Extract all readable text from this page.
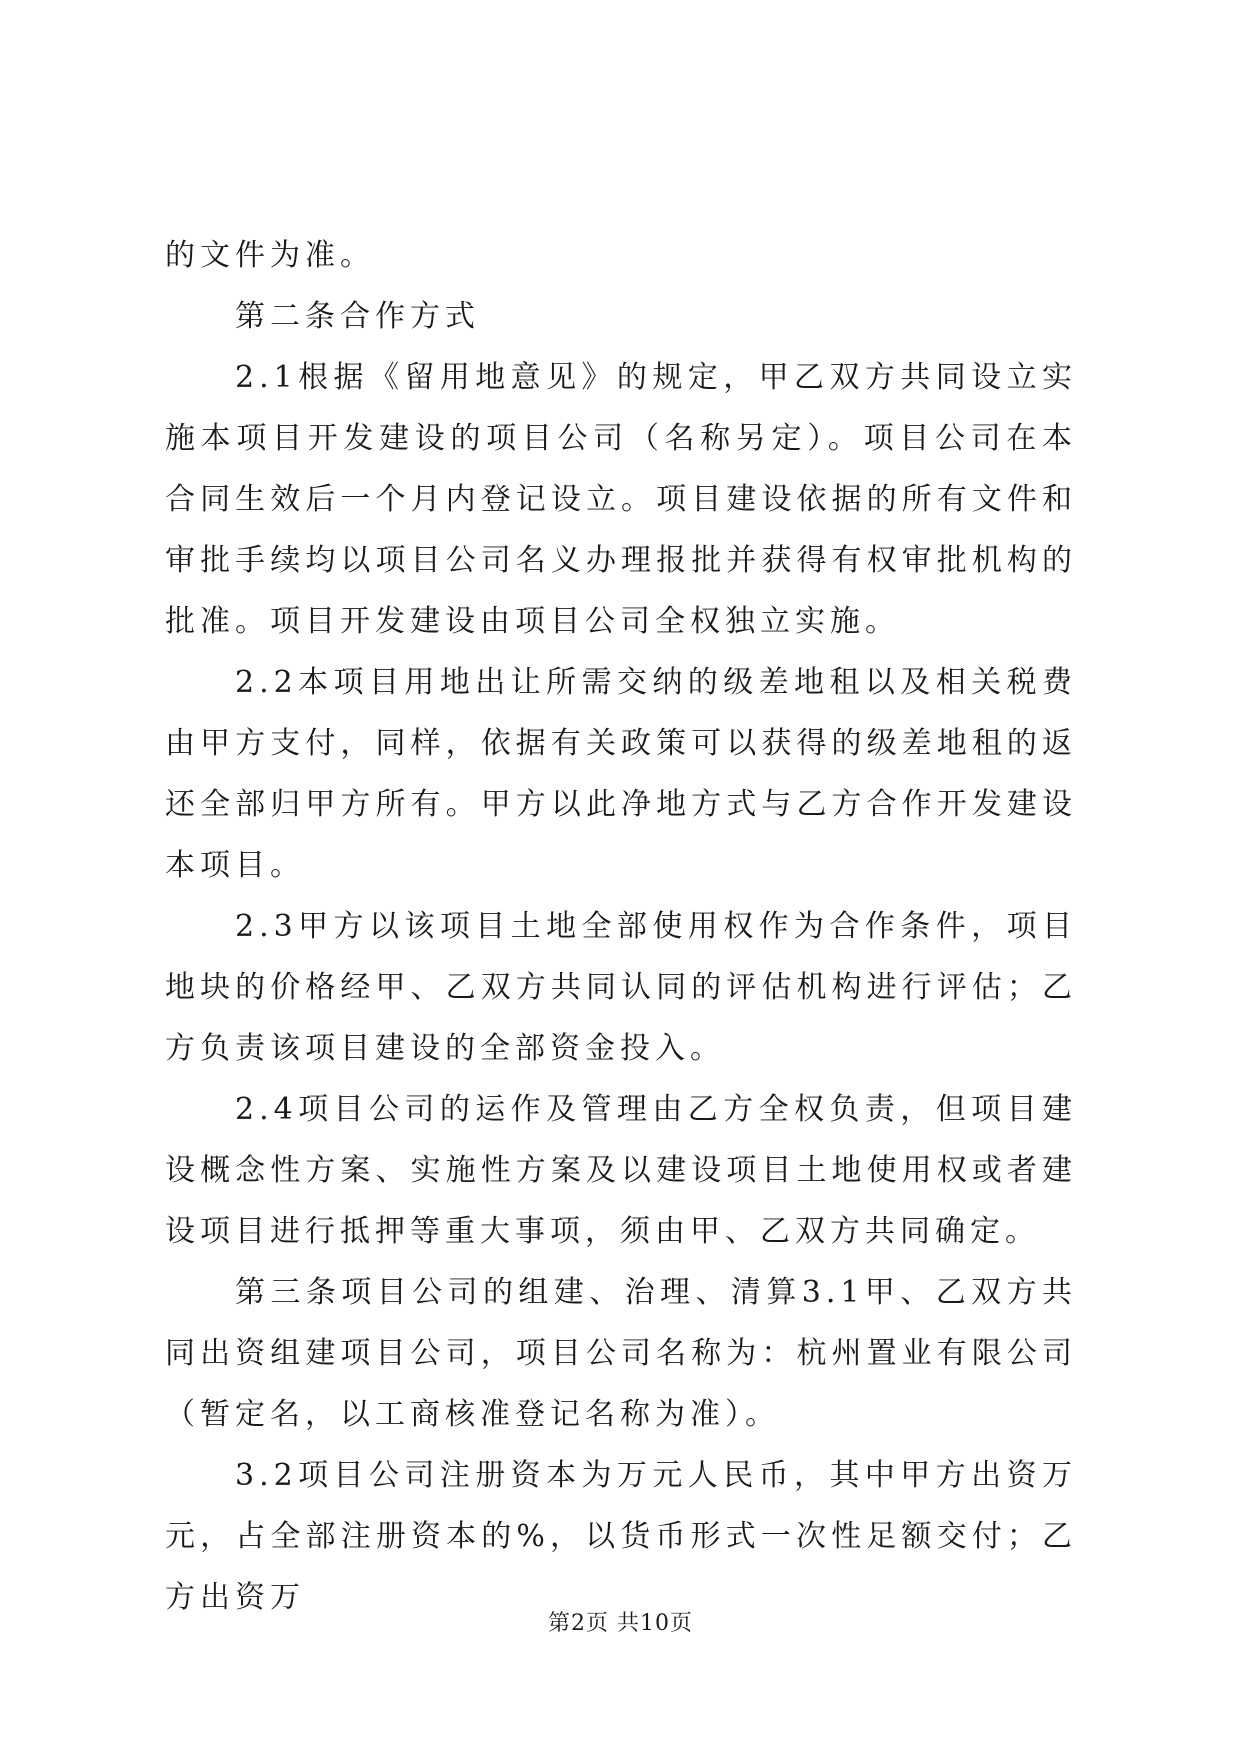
的文件为准。

第二条合作方式

2.1根据《留用地意见》的规定，甲乙双方共同设立实施本项目开发建设的项目公司（名称另定）。项目公司在本合同生效后一个月内登记设立。项目建设依据的所有文件和审批手续均以项目公司名义办理报批并获得有权审批机构的批准。项目开发建设由项目公司全权独立实施。

2.2本项目用地出让所需交纳的级差地租以及相关税费由甲方支付，同样，依据有关政策可以获得的级差地租的返还全部归甲方所有。甲方以此净地方式与乙方合作开发建设本项目。

2.3甲方以该项目土地全部使用权作为合作条件，项目地块的价格经甲、乙双方共同认同的评估机构进行评估；乙方负责该项目建设的全部资金投入。

2.4项目公司的运作及管理由乙方全权负责，但项目建设概念性方案、实施性方案及以建设项目土地使用权或者建设项目进行抵押等重大事项，须由甲、乙双方共同确定。

第三条项目公司的组建、治理、清算3.1甲、乙双方共同出资组建项目公司，项目公司名称为：杭州置业有限公司（暂定名，以工商核准登记名称为准）。

3.2项目公司注册资本为万元人民币，其中甲方出资万元，占全部注册资本的%，以货币形式一次性足额交付；乙方出资万

第2页 共10页
